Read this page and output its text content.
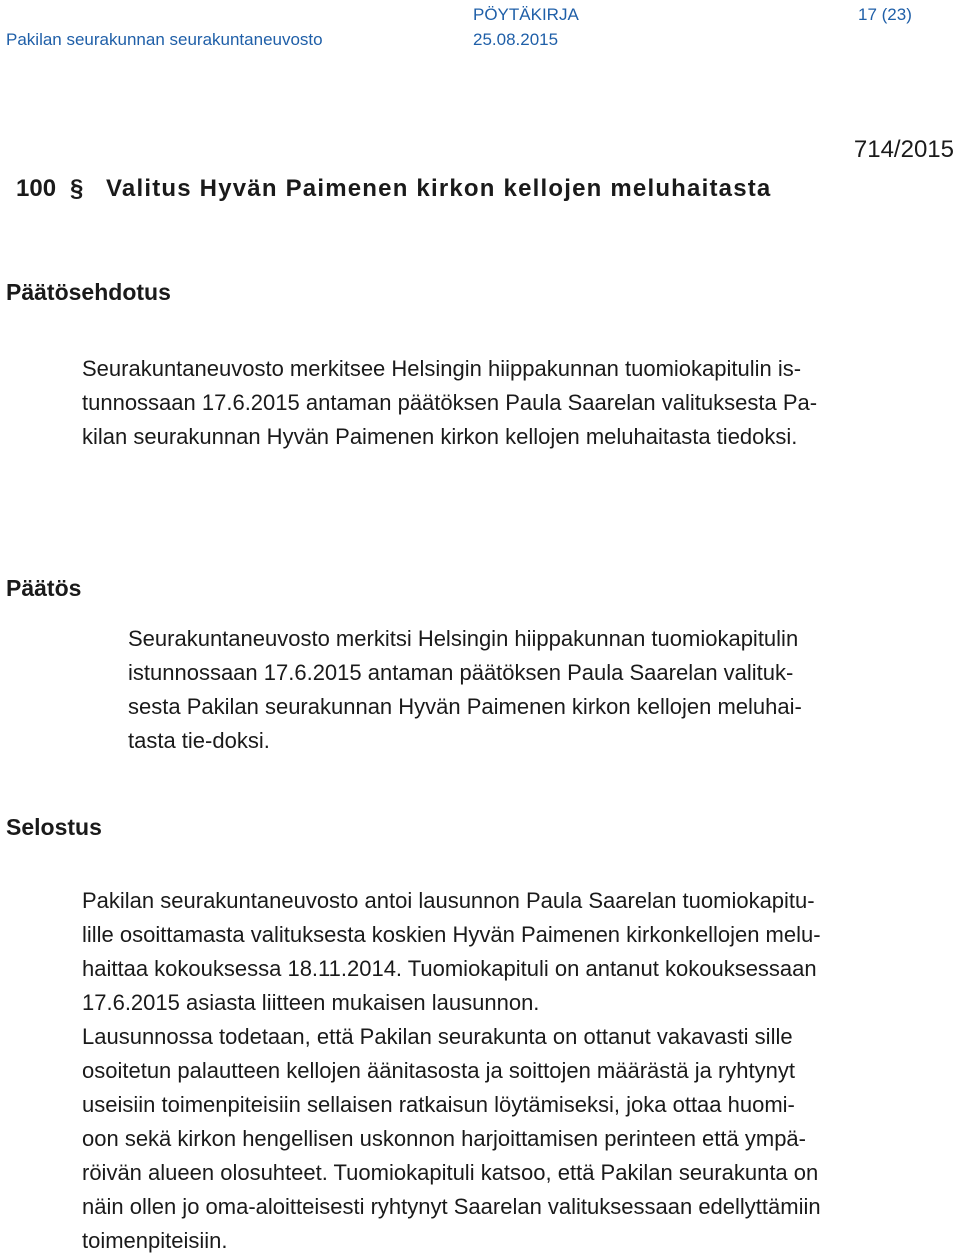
Pakilan seurakunnan seurakuntaneuvosto
PÖYTÄKIRJA
25.08.2015
17 (23)
714/2015
100 § Valitus Hyvän Paimenen kirkon kellojen meluhaitasta
Päätösehdotus
Seurakuntaneuvosto merkitsee Helsingin hiippakunnan tuomiokapitulin is-
tunnossaan 17.6.2015 antaman päätöksen Paula Saarelan valituksesta Pa-
kilan seurakunnan Hyvän Paimenen kirkon kellojen meluhaitasta tiedoksi.
Päätös
Seurakuntaneuvosto merkitsi Helsingin hiippakunnan tuomiokapitulin
istunnossaan 17.6.2015 antaman päätöksen Paula Saarelan valituk-
sesta Pakilan seurakunnan Hyvän Paimenen kirkon kellojen meluhai-
tasta tie-doksi.
Selostus
Pakilan seurakuntaneuvosto antoi lausunnon Paula Saarelan tuomiokapitu-
lille osoittamasta valituksesta koskien Hyvän Paimenen kirkonkellojen melu-
haittaa kokouksessa 18.11.2014. Tuomiokapituli on antanut kokouksessaan
17.6.2015 asiasta liitteen mukaisen lausunnon.
Lausunnossa todetaan, että Pakilan seurakunta on ottanut vakavasti sille
osoitetun palautteen kellojen äänitasosta ja soittojen määrästä ja ryhtynyt
useisiin toimenpiteisiin sellaisen ratkaisun löytämiseksi, joka ottaa huomi-
oon sekä kirkon hengellisen uskonnon harjoittamisen perinteen että ympä-
röivän alueen olosuhteet. Tuomiokapituli katsoo, että Pakilan seurakunta on
näin ollen jo oma-aloitteisesti ryhtynyt Saarelan valituksessaan edellyttämiin
toimenpiteisiin.
